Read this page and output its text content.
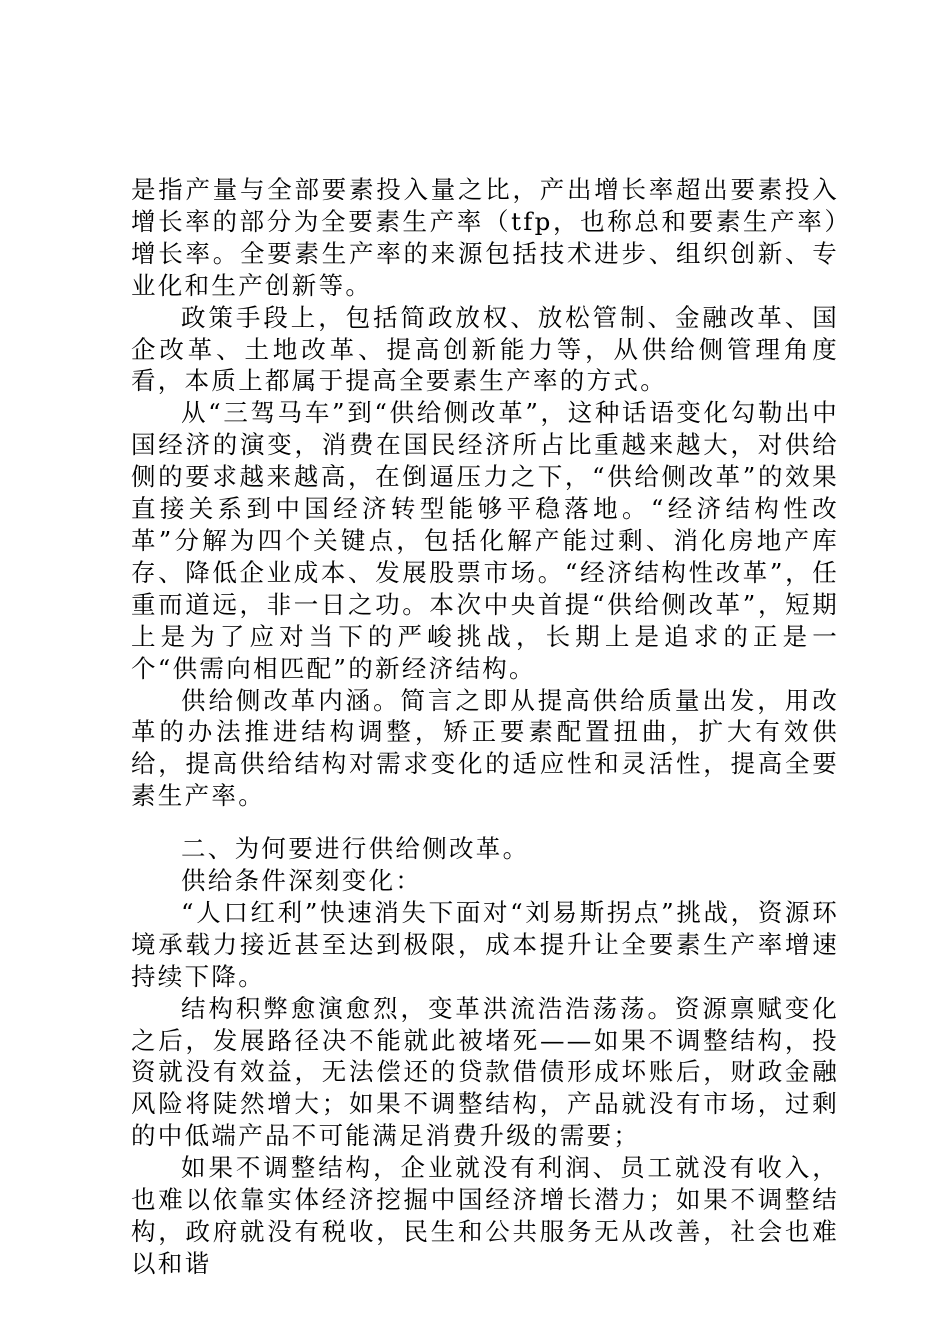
是指产量与全部要素投入量之比，产出增长率超出要素投入增长率的部分为全要素生产率（tfp，也称总和要素生产率）增长率。全要素生产率的来源包括技术进步、组织创新、专业化和生产创新等。

政策手段上，包括简政放权、放松管制、金融改革、国企改革、土地改革、提高创新能力等，从供给侧管理角度看，本质上都属于提高全要素生产率的方式。

从“三驾马车”到“供给侧改革”，这种话语变化勾勒出中国经济的演变，消费在国民经济所占比重越来越大，对供给侧的要求越来越高，在倒逼压力之下，“供给侧改革”的效果直接关系到中国经济转型能够平稳落地。“经济结构性改革”分解为四个关键点，包括化解产能过剩、消化房地产库存、降低企业成本、发展股票市场。“经济结构性改革”，任重而道远，非一日之功。本次中央首提“供给侧改革”，短期上是为了应对当下的严峻挑战，长期上是追求的正是一个“供需向相匹配”的新经济结构。

供给侧改革内涵。简言之即从提高供给质量出发，用改革的办法推进结构调整，矫正要素配置扭曲，扩大有效供给，提高供给结构对需求变化的适应性和灵活性，提高全要素生产率。

二、为何要进行供给侧改革。

供给条件深刻变化：

“人口红利”快速消失下面对“刘易斯拐点”挑战，资源环境承载力接近甚至达到极限，成本提升让全要素生产率增速持续下降。

结构积弊愈演愈烈，变革洪流浩浩荡荡。资源禀赋变化之后，发展路径决不能就此被堵死——如果不调整结构，投资就没有效益，无法偿还的贷款借债形成坏账后，财政金融风险将陡然增大；如果不调整结构，产品就没有市场，过剩的中低端产品不可能满足消费升级的需要；

如果不调整结构，企业就没有利润、员工就没有收入，也难以依靠实体经济挖掘中国经济增长潜力；如果不调整结构，政府就没有税收，民生和公共服务无从改善，社会也难以和谐
